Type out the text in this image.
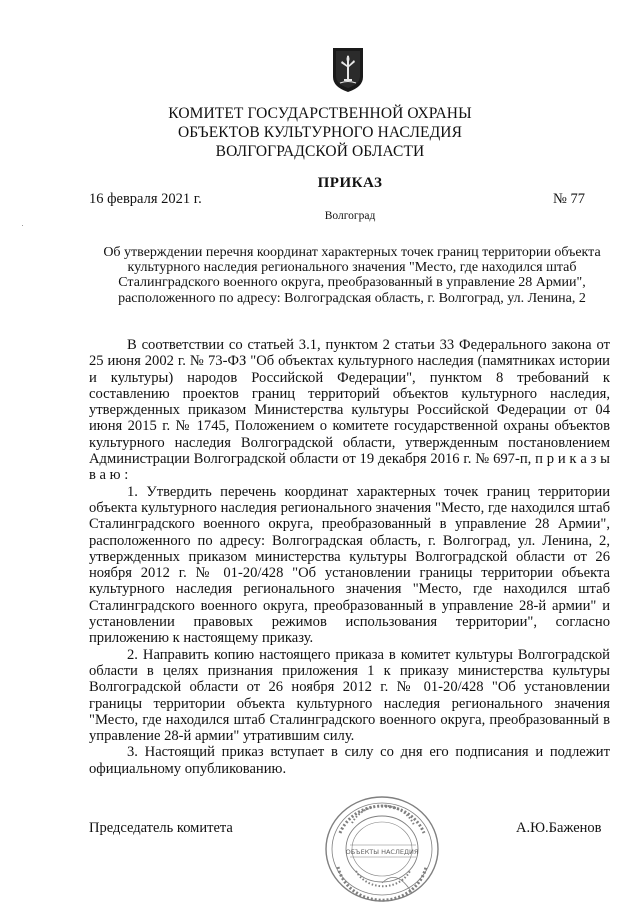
КОМИТЕТ ГОСУДАРСТВЕННОЙ ОХРАНЫ
ОБЪЕКТОВ КУЛЬТУРНОГО НАСЛЕДИЯ
ВОЛГОГРАДСКОЙ ОБЛАСТИ
ПРИКАЗ
16 февраля 2021 г.	№ 77
Волгоград
Об утверждении перечня координат характерных точек границ территории объекта культурного наследия регионального значения "Место, где находился штаб Сталинградского военного округа, преобразованный в управление 28 Армии", расположенного по адресу: Волгоградская область, г. Волгоград, ул. Ленина, 2

В соответствии со статьей 3.1, пунктом 2 статьи 33 Федерального закона от 25 июня 2002 г. № 73-ФЗ "Об объектах культурного наследия (памятниках истории и культуры) народов Российской Федерации", пунктом 8 требований к составлению проектов границ территорий объектов культурного наследия, утвержденных приказом Министерства культуры Российской Федерации от 04 июня 2015 г. № 1745, Положением о комитете государственной охраны объектов культурного наследия Волгоградской области, утвержденным постановлением Администрации Волгоградской области от 19 декабря 2016 г. № 697-п, п р и к а з ы в а ю :

1. Утвердить перечень координат характерных точек границ территории объекта культурного наследия регионального значения "Место, где находился штаб Сталинградского военного округа, преобразованный в управление 28 Армии", расположенного по адресу: Волгоградская область, г. Волгоград, ул. Ленина, 2, утвержденных приказом министерства культуры Волгоградской области от 26 ноября 2012 г. № 01-20/428 "Об установлении границы территории объекта культурного наследия регионального значения "Место, где находился штаб Сталинградского военного округа, преобразованный в управление 28-й армии" и установлении правовых режимов использования территории", согласно приложению к настоящему приказу.

2. Направить копию настоящего приказа в комитет культуры Волгоградской области в целях признания приложения 1 к приказу министерства культуры Волгоградской области от 26 ноября 2012 г. № 01-20/428 "Об установлении границы территории объекта культурного наследия регионального значения "Место, где находился штаб Сталинградского военного округа, преобразованный в управление 28-й армии" утратившим силу.

3. Настоящий приказ вступает в силу со дня его подписания и подлежит официальному опубликованию.

Председатель комитета
ОБЪЕКТЫ НАСЛЕДИЯ
А.Ю.Баженов
